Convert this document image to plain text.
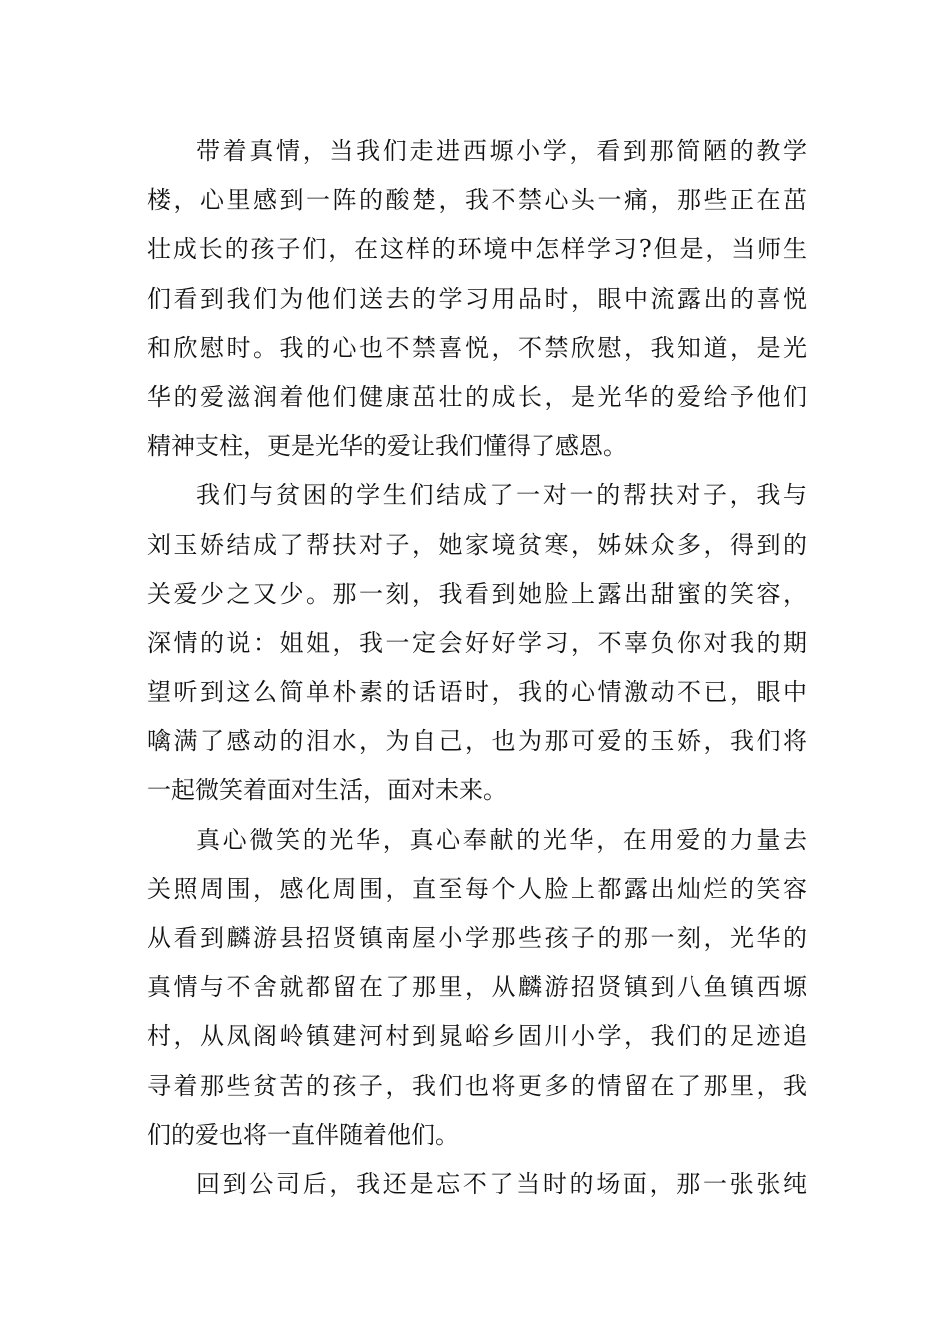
带着真情，当我们走进西塬小学，看到那简陋的教学
楼，心里感到一阵的酸楚，我不禁心头一痛，那些正在茁
壮成长的孩子们，在这样的环境中怎样学习?但是，当师生
们看到我们为他们送去的学习用品时，眼中流露出的喜悦
和欣慰时。我的心也不禁喜悦，不禁欣慰，我知道，是光
华的爱滋润着他们健康茁壮的成长，是光华的爱给予他们
精神支柱，更是光华的爱让我们懂得了感恩。
我们与贫困的学生们结成了一对一的帮扶对子，我与
刘玉娇结成了帮扶对子，她家境贫寒，姊妹众多，得到的
关爱少之又少。那一刻，我看到她脸上露出甜蜜的笑容，
深情的说：姐姐，我一定会好好学习，不辜负你对我的期
望听到这么简单朴素的话语时，我的心情激动不已，眼中
噙满了感动的泪水，为自己，也为那可爱的玉娇，我们将
一起微笑着面对生活，面对未来。
真心微笑的光华，真心奉献的光华，在用爱的力量去
关照周围，感化周围，直至每个人脸上都露出灿烂的笑容
从看到麟游县招贤镇南屋小学那些孩子的那一刻，光华的
真情与不舍就都留在了那里，从麟游招贤镇到八鱼镇西塬
村，从凤阁岭镇建河村到晁峪乡固川小学，我们的足迹追
寻着那些贫苦的孩子，我们也将更多的情留在了那里，我
们的爱也将一直伴随着他们。
回到公司后，我还是忘不了当时的场面，那一张张纯
